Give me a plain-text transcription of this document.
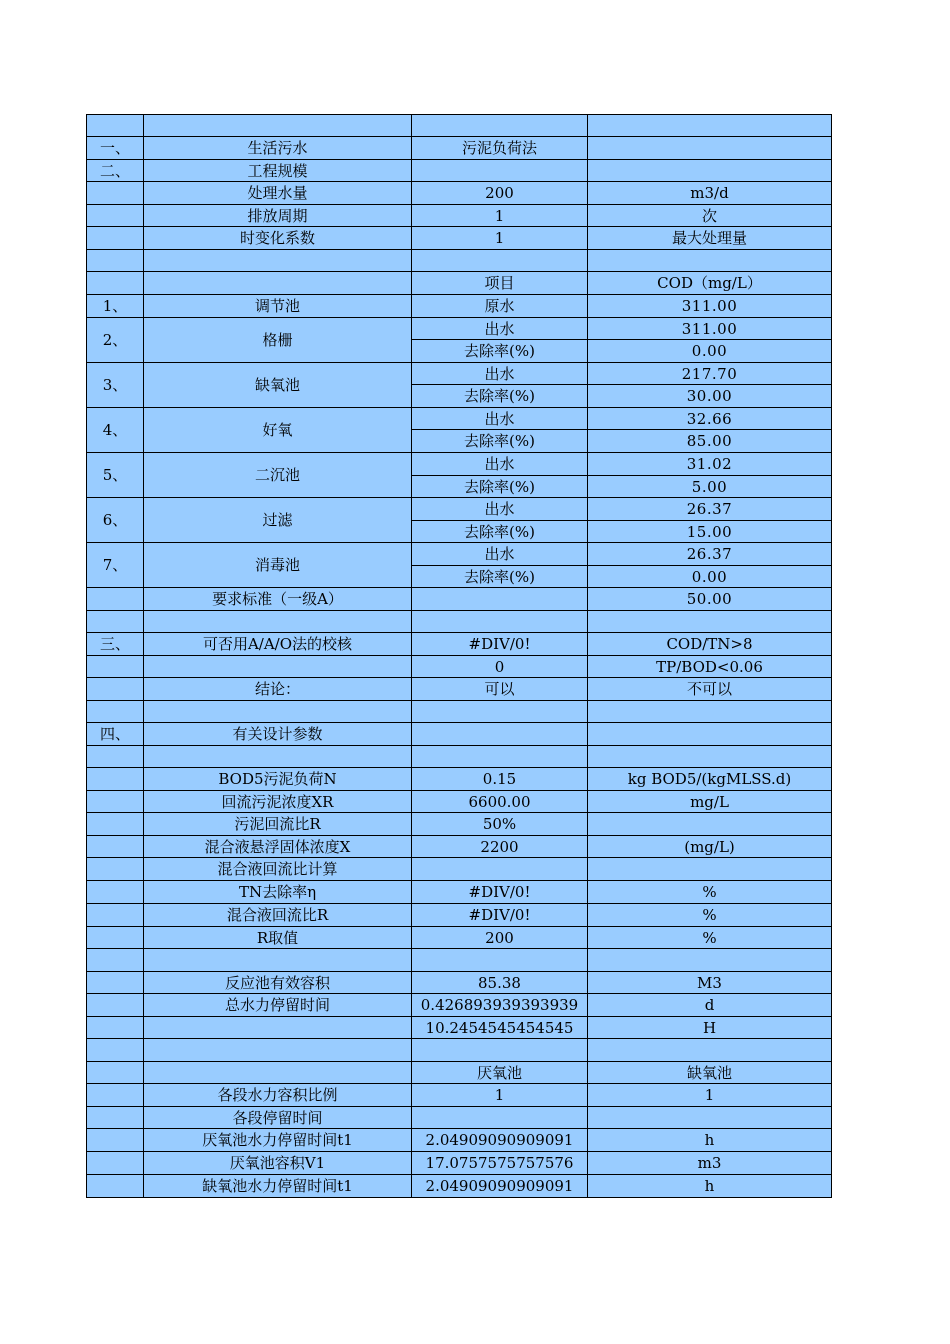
一、	生活污水	污泥负荷法	
二、	工程规模		
	处理水量	200	m3/d
	排放周期	1	次
	时变化系数	1	最大处理量

		项目	COD（mg/L）
1、	调节池	原水	311.00
2、	格栅	出水	311.00
		去除率(%)	0.00
3、	缺氧池	出水	217.70
		去除率(%)	30.00
4、	好氧	出水	32.66
		去除率(%)	85.00
5、	二沉池	出水	31.02
		去除率(%)	5.00
6、	过滤	出水	26.37
		去除率(%)	15.00
7、	消毒池	出水	26.37
		去除率(%)	0.00
	要求标准（一级A）		50.00

三、	可否用A/A/O法的校核	#DIV/0!	COD/TN>8
		0	TP/BOD<0.06
	结论：	可以	不可以

四、	有关设计参数		

	BOD5污泥负荷N	0.15	kg BOD5/(kgMLSS.d)
	回流污泥浓度XR	6600.00	mg/L
	污泥回流比R	50%	
	混合液悬浮固体浓度X	2200	(mg/L)
	混合液回流比计算		
	TN去除率η	#DIV/0!	%
	混合液回流比R	#DIV/0!	%
	R取值	200	%

	反应池有效容积	85.38	M3
	总水力停留时间	0.426893939393939	d
		10.2454545454545	H

		厌氧池	缺氧池
	各段水力容积比例	1	1
	各段停留时间		
	厌氧池水力停留时间t1	2.04909090909091	h
	厌氧池容积V1	17.0757575757576	m3
	缺氧池水力停留时间t1	2.04909090909091	h
